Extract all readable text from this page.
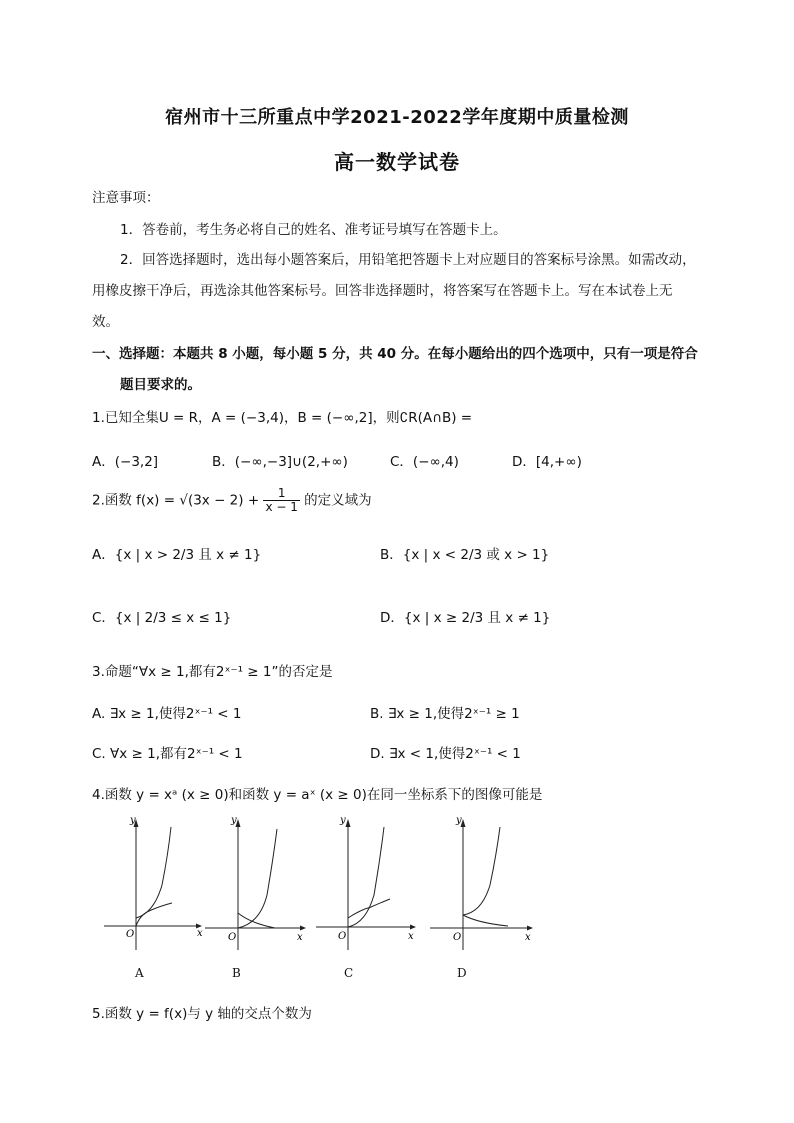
宿州市十三所重点中学2021-2022学年度期中质量检测
高一数学试卷
注意事项：
1．答卷前，考生务必将自己的姓名、准考证号填写在答题卡上。
2．回答选择题时，选出每小题答案后，用铅笔把答题卡上对应题目的答案标号涂黑。如需改动，
用橡皮擦干净后，再选涂其他答案标号。回答非选择题时，将答案写在答题卡上。写在本试卷上无
效。
一、选择题：本题共 8 小题，每小题 5 分，共 40 分。在每小题给出的四个选项中，只有一项是符合
题目要求的。
1.已知全集U = R，A = (−3,4)，B = (−∞,2]，则∁R(A∩B) =
A．(−3,2]	B．(−∞,−3]∪(2,+∞)	C．(−∞,4)	D．[4,+∞)
2.函数 $f(x) = √(3x - 2) + \frac{1}{x - 1}$ 的定义域为
A．{x | x > 2/3 且 x ≠ 1}	B．{x | x < 2/3 或 x > 1}
C．{x | 2/3 ≤ x ≤ 1}	D．{x | x ≥ 2/3 且 x ≠ 1}
3.命题“∀x ≥ 1,都有2ˣ⁻¹ ≥ 1”的否定是
A. ∃x ≥ 1,使得2ˣ⁻¹ < 1	B. ∃x ≥ 1,使得2ˣ⁻¹ ≥ 1
C. ∀x ≥ 1,都有2ˣ⁻¹ < 1	D. ∃x < 1,使得2ˣ⁻¹ < 1
4.函数 y = xᵃ (x ≥ 0)和函数 y = aˣ (x ≥ 0)在同一坐标系下的图像可能是
y
x
O
A
y
x
O
B
y
x
O
C
y
x
O
D
5.函数 y = f(x)与 y 轴的交点个数为
